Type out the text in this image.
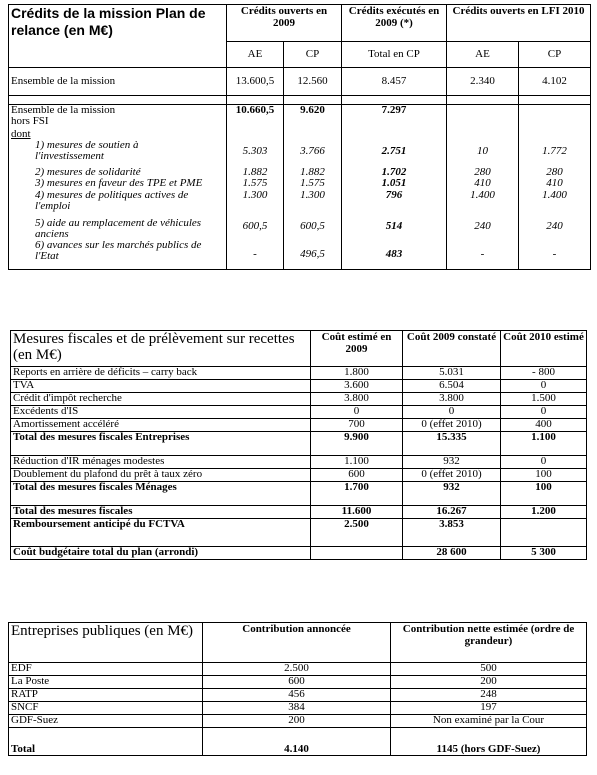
Crédits de la mission Plan de relance (en M€)	Crédits ouverts en 2009		Crédits exécutés en 2009 (*)	Crédits ouverts en LFI 2010	
	AE	CP	Total en CP	AE	CP
Ensemble de la mission	13.600,5	12.560	8.457	2.340	4.102

Ensemble de la mission
hors FSI	10.660,5	9.620	7.297		
dont					

1) mesures de soutien à
l'investissement	5.303	3.766	2.751	10	1.772
2) mesures de solidarité	1.882	1.882	1.702	280	280
3) mesures en faveur des TPE et PME	1.575	1.575	1.051	410	410

4) mesures de politiques actives de
l'emploi	1.300	1.300	796	1.400	1.400

5) aide au remplacement de véhicules
anciens	600,5	600,5	514	240	240

6) avances sur les marchés publics de
l'Etat	-	496,5	483	-	-
Mesures fiscales et de prélèvement sur recettes (en M€)	Coût estimé en 2009	Coût 2009 constaté	Coût 2010 estimé
Reports en arrière de déficits – carry back	1.800	5.031	- 800
TVA	3.600	6.504	0
Crédit d'impôt recherche	3.800	3.800	1.500
Excédents d'IS	0	0	0
Amortissement accéléré	700	0 (effet 2010)	400
Total des mesures fiscales Entreprises	9.900	15.335	1.100
Réduction d'IR ménages modestes	1.100	932	0
Doublement du plafond du prêt à taux zéro	600	0 (effet 2010)	100
Total des mesures fiscales Ménages	1.700	932	100
Total des mesures fiscales	11.600	16.267	1.200
Remboursement anticipé du FCTVA	2.500	3.853	
Coût budgétaire total du plan (arrondi)		28 600	5 300
Entreprises publiques (en M€)	Contribution annoncée	Contribution nette estimée (ordre de grandeur)
EDF	2.500	500
La Poste	600	200
RATP	456	248
SNCF	384	197
GDF-Suez	200	Non examiné par la Cour
Total	4.140	1145 (hors GDF-Suez)
